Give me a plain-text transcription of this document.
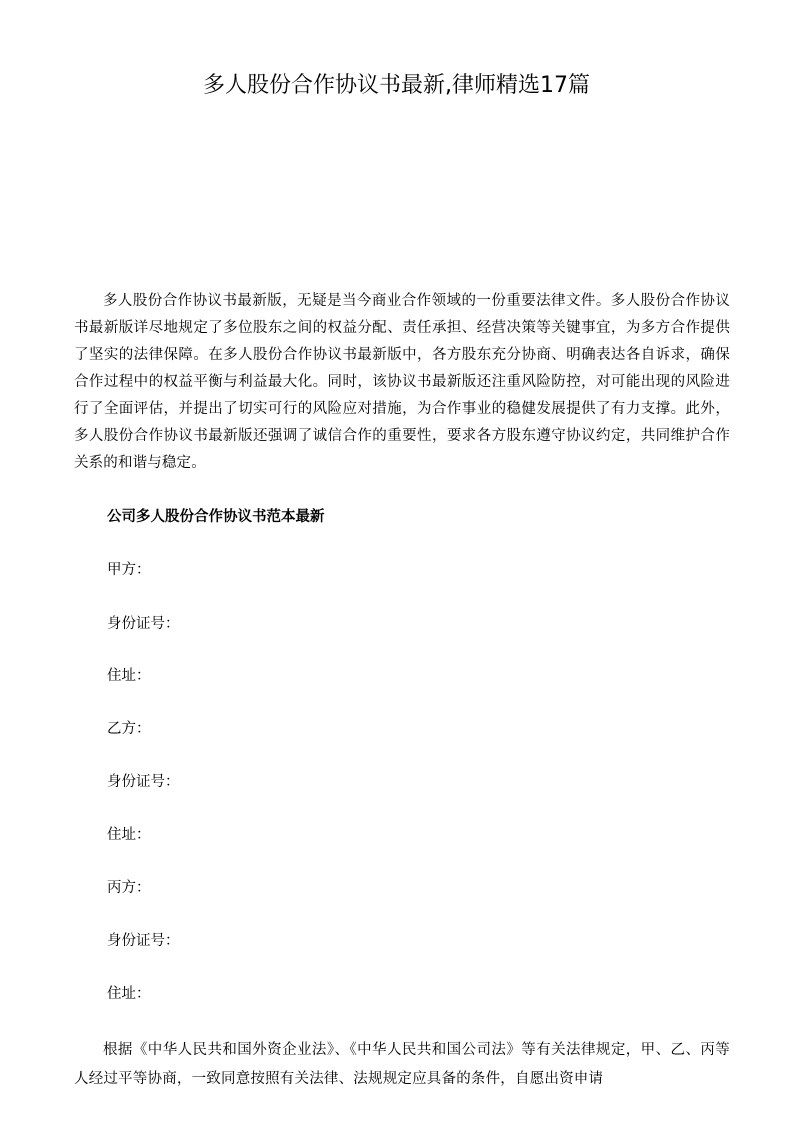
多人股份合作协议书最新,律师精选17篇

多人股份合作协议书最新版，无疑是当今商业合作领域的一份重要法律文件。多人股份合作协议书最新版详尽地规定了多位股东之间的权益分配、责任承担、经营决策等关键事宜，为多方合作提供了坚实的法律保障。在多人股份合作协议书最新版中，各方股东充分协商、明确表达各自诉求，确保合作过程中的权益平衡与利益最大化。同时，该协议书最新版还注重风险防控，对可能出现的风险进行了全面评估，并提出了切实可行的风险应对措施，为合作事业的稳健发展提供了有力支撑。此外，多人股份合作协议书最新版还强调了诚信合作的重要性，要求各方股东遵守协议约定，共同维护合作关系的和谐与稳定。

公司多人股份合作协议书范本最新

甲方：

身份证号：

住址：

乙方：

身份证号：

住址：

丙方：

身份证号：

住址：

根据《中华人民共和国外资企业法》、《中华人民共和国公司法》等有关法律规定，甲、乙、丙等人经过平等协商，一致同意按照有关法律、法规规定应具备的条件，自愿出资申请
